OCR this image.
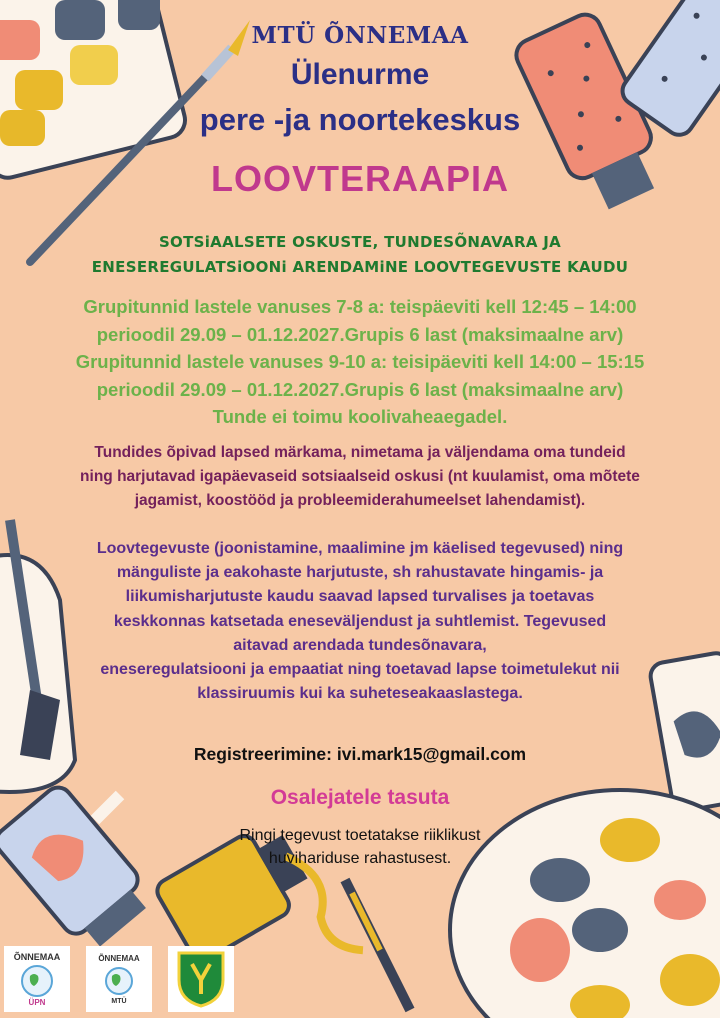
MTÜ ÕNNEMAA

Ülenurme

pere -ja noortekeskus

LOOVTERAAPIA

SOTSiAALSETE OSKUSTE, TUNDESÕNAVARA JA
ENESEREGULATSiOONi ARENDAMiNE LOOVTEGEVUSTE KAUDU
Grupitunnid lastele vanuses 7-8 a: teispäeviti kell 12:45 – 14:00
perioodil 29.09 – 01.12.2027.Grupis 6 last (maksimaalne arv)
Grupitunnid lastele vanuses 9-10 a: teisipäeviti kell 14:00 – 15:15
perioodil 29.09 – 01.12.2027.Grupis 6 last (maksimaalne arv)
Tunde ei toimu koolivaheaegadel.
Tundides õpivad lapsed märkama, nimetama ja väljendama oma tundeid
ning harjutavad igapäevaseid sotsiaalseid oskusi (nt kuulamist, oma mõtete
jagamist, koostööd ja probleemiderahumeelset lahendamist).
Loovtegevuste (joonistamine, maalimine jm käelised tegevused) ning
mänguliste ja eakohaste harjutuste, sh rahustavate hingamis- ja
liikumisharjutuste kaudu saavad lapsed turvalises ja toetavas
keskkonnas katsetada eneseväljendust ja suhtlemist. Tegevused
aitavad arendada tundesõnavara,
eneseregulatsiooni ja empaatiat ning toetavad lapse toimetulekut nii
klassiruumis kui ka suheteseakaaslastega.

Registreerimine: ivi.mark15@gmail.com

Osalejatele tasuta

Ringi tegevust toetatakse riiklikust
huvihariduse rahastusest.
ÕNNEMAA
ÜPN
ÕNNEMAA
MTÜ
